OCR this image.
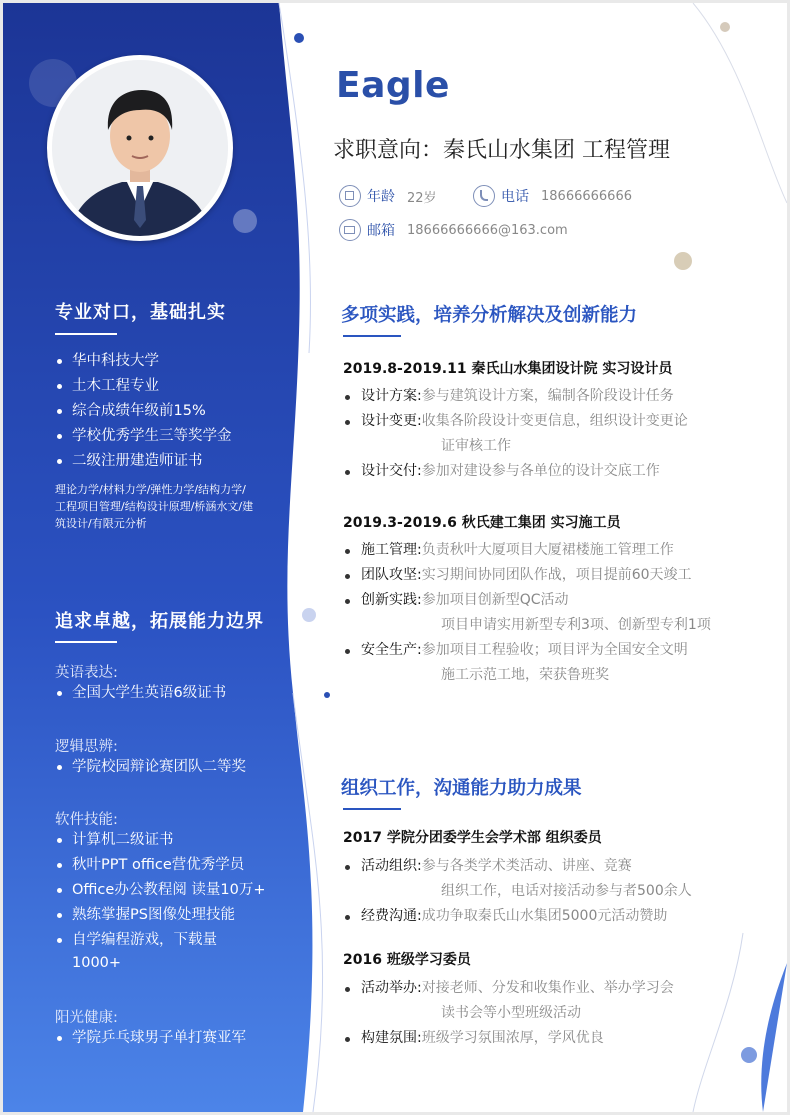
专业对口，基础扎实
华中科技大学
土木工程专业
综合成绩年级前15%
学校优秀学生三等奖学金
二级注册建造师证书
理论力学/材料力学/弹性力学/结构力学/工程项目管理/结构设计原理/桥涵水文/建筑设计/有限元分析
追求卓越，拓展能力边界
英语表达:
全国大学生英语6级证书
逻辑思辨:
学院校园辩论赛团队二等奖
软件技能:
计算机二级证书
秋叶PPT office营优秀学员
Office办公教程阅 读量10万+
熟练掌握PS图像处理技能
自学编程游戏，下载量
1000+
阳光健康:
学院乒乓球男子单打赛亚军
Eagle
求职意向：秦氏山水集团 工程管理
年龄 22岁	电话 18666666666
邮箱 18666666666@163.com
多项实践，培养分析解决及创新能力
2019.8-2019.11 秦氏山水集团设计院 实习设计员
设计方案: 参与建筑设计方案，编制各阶段设计任务
设计变更: 收集各阶段设计变更信息，组织设计变更论
证审核工作
设计交付: 参加对建设参与各单位的设计交底工作
2019.3-2019.6 秋氏建工集团 实习施工员
施工管理: 负责秋叶大厦项目大厦裙楼施工管理工作
团队攻坚: 实习期间协同团队作战，项目提前60天竣工
创新实践: 参加项目创新型QC活动
项目申请实用新型专利3项、创新型专利1项
安全生产: 参加项目工程验收；项目评为全国安全文明
施工示范工地，荣获鲁班奖
组织工作，沟通能力助力成果
2017 学院分团委学生会学术部 组织委员
活动组织: 参与各类学术类活动、讲座、竞赛
组织工作，电话对接活动参与者500余人
经费沟通: 成功争取秦氏山水集团5000元活动赞助
2016 班级学习委员
活动举办: 对接老师、分发和收集作业、举办学习会
读书会等小型班级活动
构建氛围: 班级学习氛围浓厚，学风优良
